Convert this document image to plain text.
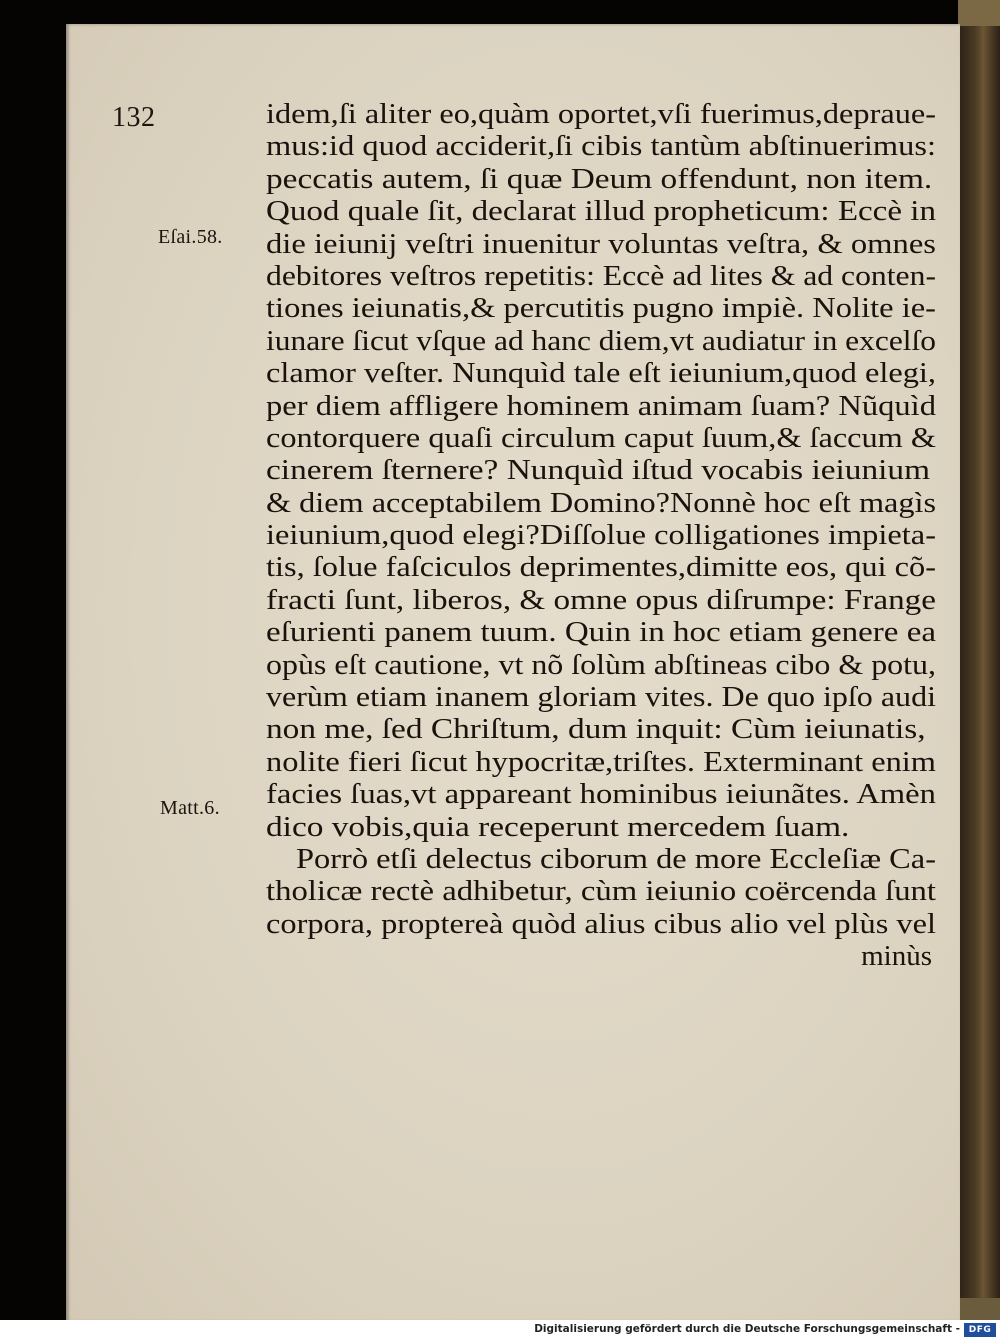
132
Eſai.58.
Matt.6.
idem,ſi aliter eo,quàm oportet,vſi fuerimus,deprauе-
mus:id quod acciderit,ſi cibis tantùm abſtinuerimus:
peccatis autem, ſi quæ Deum offendunt, non item.
Quod quale ſit, declarat illud propheticum: Eccè in
die ieiunij veſtri inuenitur voluntas veſtra, & omnes
debitores veſtros repetitis: Eccè ad lites & ad conten-
tiones ieiunatis,& percutitis pugno impiè. Nolite ie-
iunare ſicut vſque ad hanc diem,vt audiatur in excelſo
clamor veſter. Nunquìd tale eſt ieiunium,quod elegi,
per diem affligere hominem animam ſuam? Nũquìd
contorquere quaſi circulum caput ſuum,& ſaccum &
cinerem ſternere? Nunquìd iſtud vocabis ieiunium
& diem acceptabilem Domino?Nonnè hoc eſt magìs
ieiunium,quod elegi?Diſſolue colligationes impieta-
tis, ſolue faſciculos deprimentes,dimitte eos, qui cõ-
fracti ſunt, liberos, & omne opus diſrumpe: Frange
eſurienti panem tuum. Quin in hoc etiam genere ea
opùs eſt cautione, vt nõ ſolùm abſtineas cibo & potu,
verùm etiam inanem gloriam vites. De quo ipſo audi
non me, ſed Chriſtum, dum inquit: Cùm ieiunatis,
nolite fieri ſicut hypocritæ,triſtes. Exterminant enim
facies ſuas,vt appareant hominibus ieiunãtes. Amèn
dico vobis,quia receperunt mercedem ſuam.
Porrò etſi delectus ciborum de more Eccleſiæ Ca-
tholicæ rectè adhibetur, cùm ieiunio coërcenda ſunt
corpora, proptereà quòd alius cibus alio vel plùs vel
minùs
Digitalisierung gefördert durch die Deutsche Forschungsgemeinschaft - DFG
